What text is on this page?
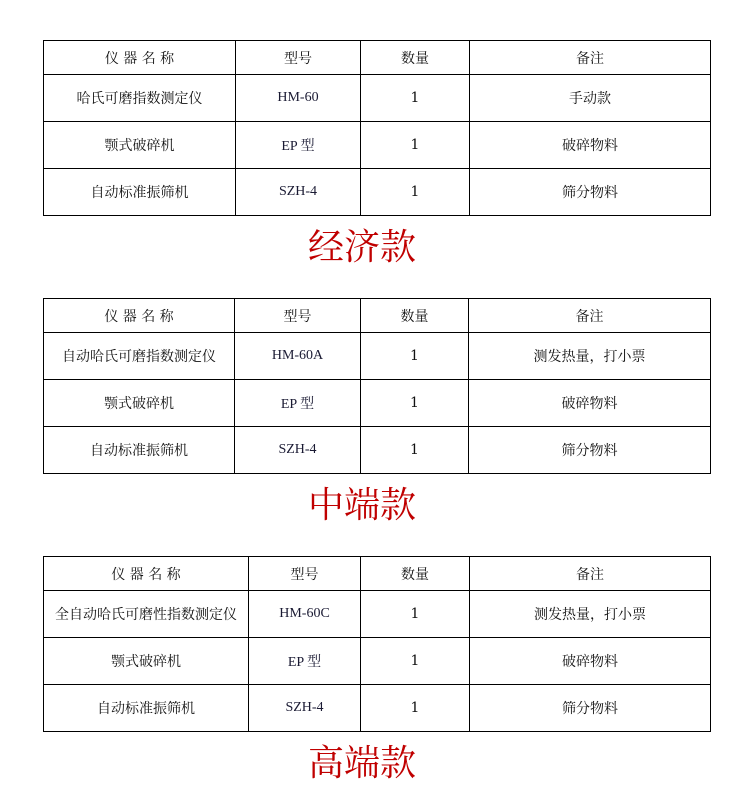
仪 器 名 称	型号	数量	备注
哈氏可磨指数测定仪	HM-60	1	手动款
颚式破碎机	EP 型	1	破碎物料
自动标准振筛机	SZH-4	1	筛分物料
经济款
仪 器 名 称	型号	数量	备注
自动哈氏可磨指数测定仪	HM-60A	1	测发热量，打小票
颚式破碎机	EP 型	1	破碎物料
自动标准振筛机	SZH-4	1	筛分物料
中端款
仪 器 名 称	型号	数量	备注
全自动哈氏可磨性指数测定仪	HM-60C	1	测发热量，打小票
颚式破碎机	EP 型	1	破碎物料
自动标准振筛机	SZH-4	1	筛分物料
高端款
